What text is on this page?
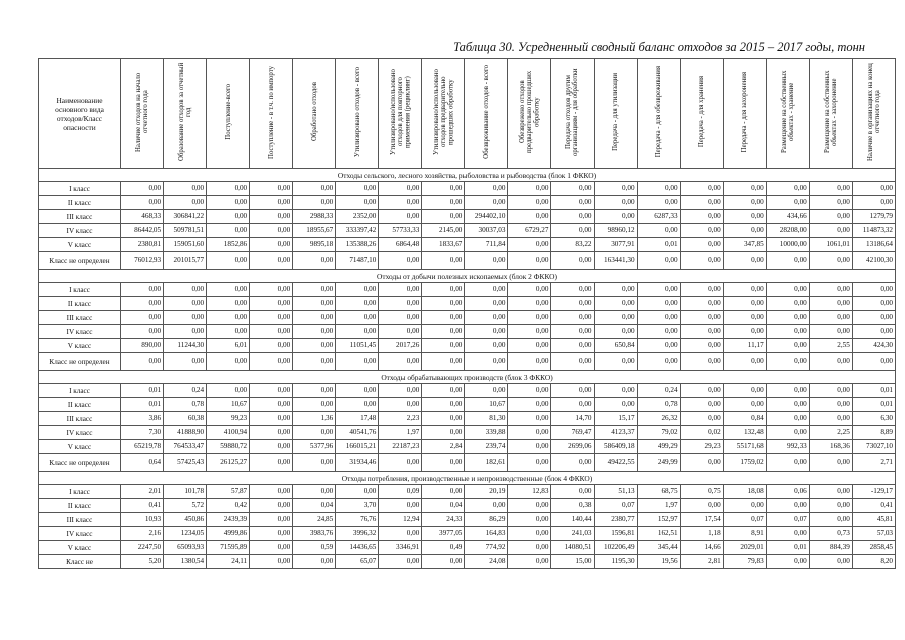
Таблица 30. Усредненный сводный баланс отходов за 2015 – 2017 годы, тонн
Наименование основного вида отходов/Класс опасности	Наличие отходов на начало отчетного года	Образование отходов за отчетный год	Поступление-всего	Поступление - в т.ч. по импорту	Обработано отходов	Утилизировано отходов - всего	Утилизировано/использовано отходов для повторного применения (рециклинг)	Утилизировано/использовано отходов предварительно прошедших обработку	Обезвреживание отходов - всего	Обезврежено отходов предварительно прошедших обработку	Передача отходов другим организациям - для обработки	Передача - для утилизации	Передача - для обезвреживания	Передача - для хранения	Передача - для захоронения	Размещение на собственных объектах - хранение	Размещение на собственных объектах - захоронение	Наличие в организациях на конец отчетного года
Отходы сельского, лесного хозяйства, рыболовства и рыбоводства (блок 1 ФККО)																		
I класс	0,00	0,00	0,00	0,00	0,00	0,00	0,00	0,00	0,00	0,00	0,00	0,00	0,00	0,00	0,00	0,00	0,00	0,00
II класс	0,00	0,00	0,00	0,00	0,00	0,00	0,00	0,00	0,00	0,00	0,00	0,00	0,00	0,00	0,00	0,00	0,00	0,00
III класс	468,33	306841,22	0,00	0,00	2988,33	2352,00	0,00	0,00	294402,10	0,00	0,00	0,00	6287,33	0,00	0,00	434,66	0,00	1279,79
IV класс	86442,05	509781,51	0,00	0,00	18955,67	333397,42	57733,33	2145,00	30037,03	6729,27	0,00	98960,12	0,00	0,00	0,00	28208,00	0,00	114873,32
V класс	2380,81	159051,60	1852,86	0,00	9895,18	135388,26	6864,48	1833,67	711,84	0,00	83,22	3077,91	0,01	0,00	347,85	10000,00	1061,01	13186,64
Класс не определен	76012,93	201015,77	0,00	0,00	0,00	71487,10	0,00	0,00	0,00	0,00	0,00	163441,30	0,00	0,00	0,00	0,00	0,00	42100,30
Отходы от добычи полезных ископаемых (блок 2 ФККО)																		
I класс	0,00	0,00	0,00	0,00	0,00	0,00	0,00	0,00	0,00	0,00	0,00	0,00	0,00	0,00	0,00	0,00	0,00	0,00
II класс	0,00	0,00	0,00	0,00	0,00	0,00	0,00	0,00	0,00	0,00	0,00	0,00	0,00	0,00	0,00	0,00	0,00	0,00
III класс	0,00	0,00	0,00	0,00	0,00	0,00	0,00	0,00	0,00	0,00	0,00	0,00	0,00	0,00	0,00	0,00	0,00	0,00
IV класс	0,00	0,00	0,00	0,00	0,00	0,00	0,00	0,00	0,00	0,00	0,00	0,00	0,00	0,00	0,00	0,00	0,00	0,00
V класс	890,00	11244,30	6,01	0,00	0,00	11051,45	2017,26	0,00	0,00	0,00	0,00	650,84	0,00	0,00	11,17	0,00	2,55	424,30
Класс не определен	0,00	0,00	0,00	0,00	0,00	0,00	0,00	0,00	0,00	0,00	0,00	0,00	0,00	0,00	0,00	0,00	0,00	0,00
Отходы обрабатывающих производств (блок 3 ФККО)																		
I класс	0,01	0,24	0,00	0,00	0,00	0,00	0,00	0,00	0,00	0,00	0,00	0,00	0,24	0,00	0,00	0,00	0,00	0,01
II класс	0,01	0,78	10,67	0,00	0,00	0,00	0,00	0,00	10,67	0,00	0,00	0,00	0,78	0,00	0,00	0,00	0,00	0,01
III класс	3,86	60,38	99,23	0,00	1,36	17,48	2,23	0,00	81,30	0,00	14,70	15,17	26,32	0,00	0,84	0,00	0,00	6,30
IV класс	7,30	41888,90	4100,94	0,00	0,00	40541,76	1,97	0,00	339,88	0,00	769,47	4123,37	79,02	0,02	132,48	0,00	2,25	8,89
V класс	65219,78	764533,47	59880,72	0,00	5377,96	166015,21	22187,23	2,84	239,74	0,00	2699,06	586409,18	499,29	29,23	55171,68	992,33	168,36	73027,10
Класс не определен	0,64	57425,43	26125,27	0,00	0,00	31934,46	0,00	0,00	182,61	0,00	0,00	49422,55	249,99	0,00	1759,02	0,00	0,00	2,71
Отходы потребления, производственные и непроизводственные (блок 4 ФККО)																		
I класс	2,01	101,78	57,87	0,00	0,00	0,00	0,09	0,00	20,19	12,83	0,00	51,13	68,75	0,75	18,08	0,06	0,00	-129,17
II класс	0,41	5,72	0,42	0,00	0,04	3,70	0,00	0,04	0,00	0,00	0,38	0,07	1,97	0,00	0,00	0,00	0,00	0,41
III класс	10,93	450,86	2439,39	0,00	24,85	76,76	12,94	24,33	86,29	0,00	140,44	2380,77	152,97	17,54	0,07	0,07	0,00	45,81
IV класс	2,16	1234,05	4999,86	0,00	3983,76	3996,32	0,00	3977,05	164,83	0,00	241,03	1596,81	162,51	1,18	8,91	0,00	0,73	57,03
V класс	2247,50	65093,93	71595,89	0,00	0,59	14436,65	3346,91	0,49	774,92	0,00	14080,51	102206,49	345,44	14,66	2029,01	0,01	884,39	2858,45
Класс не	5,20	1380,54	24,11	0,00	0,00	65,07	0,00	0,00	24,08	0,00	15,00	1195,30	19,56	2,81	79,83	0,00	0,00	8,20
